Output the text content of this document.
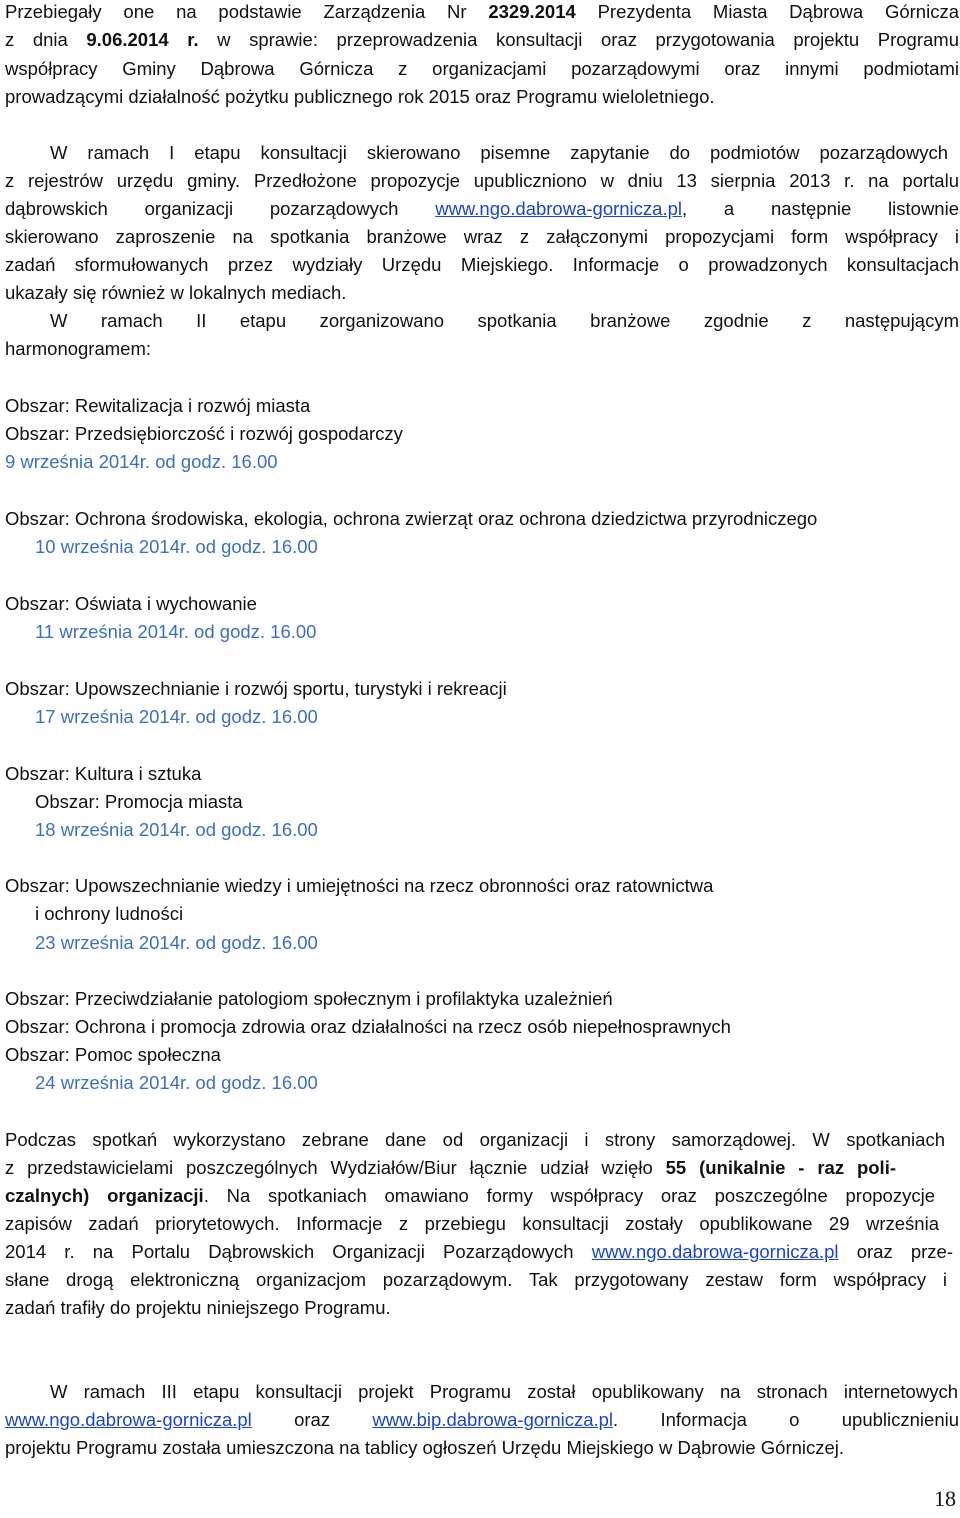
Przebiegały one na podstawie Zarządzenia Nr 2329.2014 Prezydenta Miasta Dąbrowa Górnicza
z dnia 9.06.2014 r. w sprawie: przeprowadzenia konsultacji oraz przygotowania projektu Programu
współpracy Gminy Dąbrowa Górnicza z organizacjami pozarządowymi oraz innymi podmiotami
prowadzącymi działalność pożytku publicznego rok 2015 oraz Programu wieloletniego.
W ramach I etapu konsultacji skierowano pisemne zapytanie do podmiotów pozarządowych
z rejestrów urzędu gminy. Przedłożone propozycje upubliczniono w dniu 13 sierpnia 2013 r. na portalu
dąbrowskich organizacji pozarządowych www.ngo.dabrowa-gornicza.pl, a następnie listownie
skierowano zaproszenie na spotkania branżowe wraz z załączonymi propozycjami form współpracy i
zadań sformułowanych przez wydziały Urzędu Miejskiego. Informacje o prowadzonych konsultacjach
ukazały się również w lokalnych mediach.
W ramach II etapu zorganizowano spotkania branżowe zgodnie z następującym
harmonogramem:
Obszar: Rewitalizacja i rozwój miasta
Obszar: Przedsiębiorczość i rozwój gospodarczy
9 września 2014r. od godz. 16.00
Obszar: Ochrona środowiska, ekologia, ochrona zwierząt oraz ochrona dziedzictwa przyrodniczego
10 września 2014r. od godz. 16.00
Obszar: Oświata i wychowanie
11 września 2014r. od godz. 16.00
Obszar: Upowszechnianie i rozwój sportu, turystyki i rekreacji
17 września 2014r. od godz. 16.00
Obszar: Kultura i sztuka
Obszar: Promocja miasta
18 września 2014r. od godz. 16.00
Obszar: Upowszechnianie wiedzy i umiejętności na rzecz obronności oraz ratownictwa
i ochrony ludności
23 września 2014r. od godz. 16.00
Obszar: Przeciwdziałanie patologiom społecznym i profilaktyka uzależnień
Obszar: Ochrona i promocja zdrowia oraz działalności na rzecz osób niepełnosprawnych
Obszar: Pomoc społeczna
24 września 2014r. od godz. 16.00
Podczas spotkań wykorzystano zebrane dane od organizacji i strony samorządowej. W spotkaniach
z przedstawicielami poszczególnych Wydziałów/Biur łącznie udział wzięło 55 (unikalnie - raz poli-
czalnych) organizacji. Na spotkaniach omawiano formy współpracy oraz poszczególne propozycje
zapisów zadań priorytetowych. Informacje z przebiegu konsultacji zostały opublikowane 29 września
2014 r. na Portalu Dąbrowskich Organizacji Pozarządowych www.ngo.dabrowa-gornicza.pl oraz prze-
słane drogą elektroniczną organizacjom pozarządowym. Tak przygotowany zestaw form współpracy i
zadań trafiły do projektu niniejszego Programu.
W ramach III etapu konsultacji projekt Programu został opublikowany na stronach internetowych
www.ngo.dabrowa-gornicza.pl oraz www.bip.dabrowa-gornicza.pl. Informacja o upublicznieniu
projektu Programu została umieszczona na tablicy ogłoszeń Urzędu Miejskiego w Dąbrowie Górniczej.
18
